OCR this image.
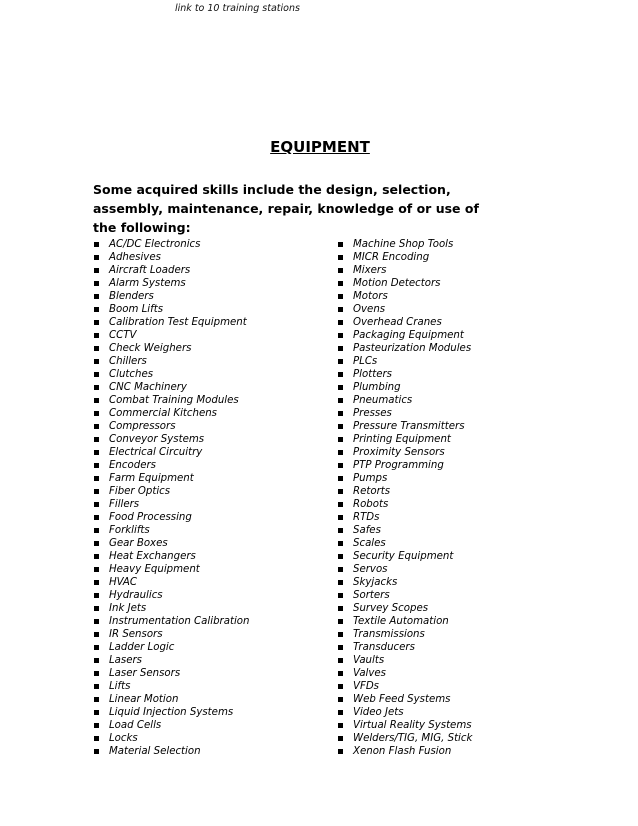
link to 10 training stations
EQUIPMENT
Some acquired skills include the design, selection, assembly, maintenance, repair, knowledge of or use of the following:
AC/DC Electronics
Adhesives
Aircraft Loaders
Alarm Systems
Blenders
Boom Lifts
Calibration Test Equipment
CCTV
Check Weighers
Chillers
Clutches
CNC Machinery
Combat Training Modules
Commercial Kitchens
Compressors
Conveyor Systems
Electrical Circuitry
Encoders
Farm Equipment
Fiber Optics
Fillers
Food Processing
Forklifts
Gear Boxes
Heat Exchangers
Heavy Equipment
HVAC
Hydraulics
Ink Jets
Instrumentation Calibration
IR Sensors
Ladder Logic
Lasers
Laser Sensors
Lifts
Linear Motion
Liquid Injection Systems
Load Cells
Locks
Material Selection
Machine Shop Tools
MICR Encoding
Mixers
Motion Detectors
Motors
Ovens
Overhead Cranes
Packaging Equipment
Pasteurization Modules
PLCs
Plotters
Plumbing
Pneumatics
Presses
Pressure Transmitters
Printing Equipment
Proximity Sensors
PTP Programming
Pumps
Retorts
Robots
RTDs
Safes
Scales
Security Equipment
Servos
Skyjacks
Sorters
Survey Scopes
Textile Automation
Transmissions
Transducers
Vaults
Valves
VFDs
Web Feed Systems
Video Jets
Virtual Reality Systems
Welders/TIG, MIG, Stick
Xenon Flash Fusion
